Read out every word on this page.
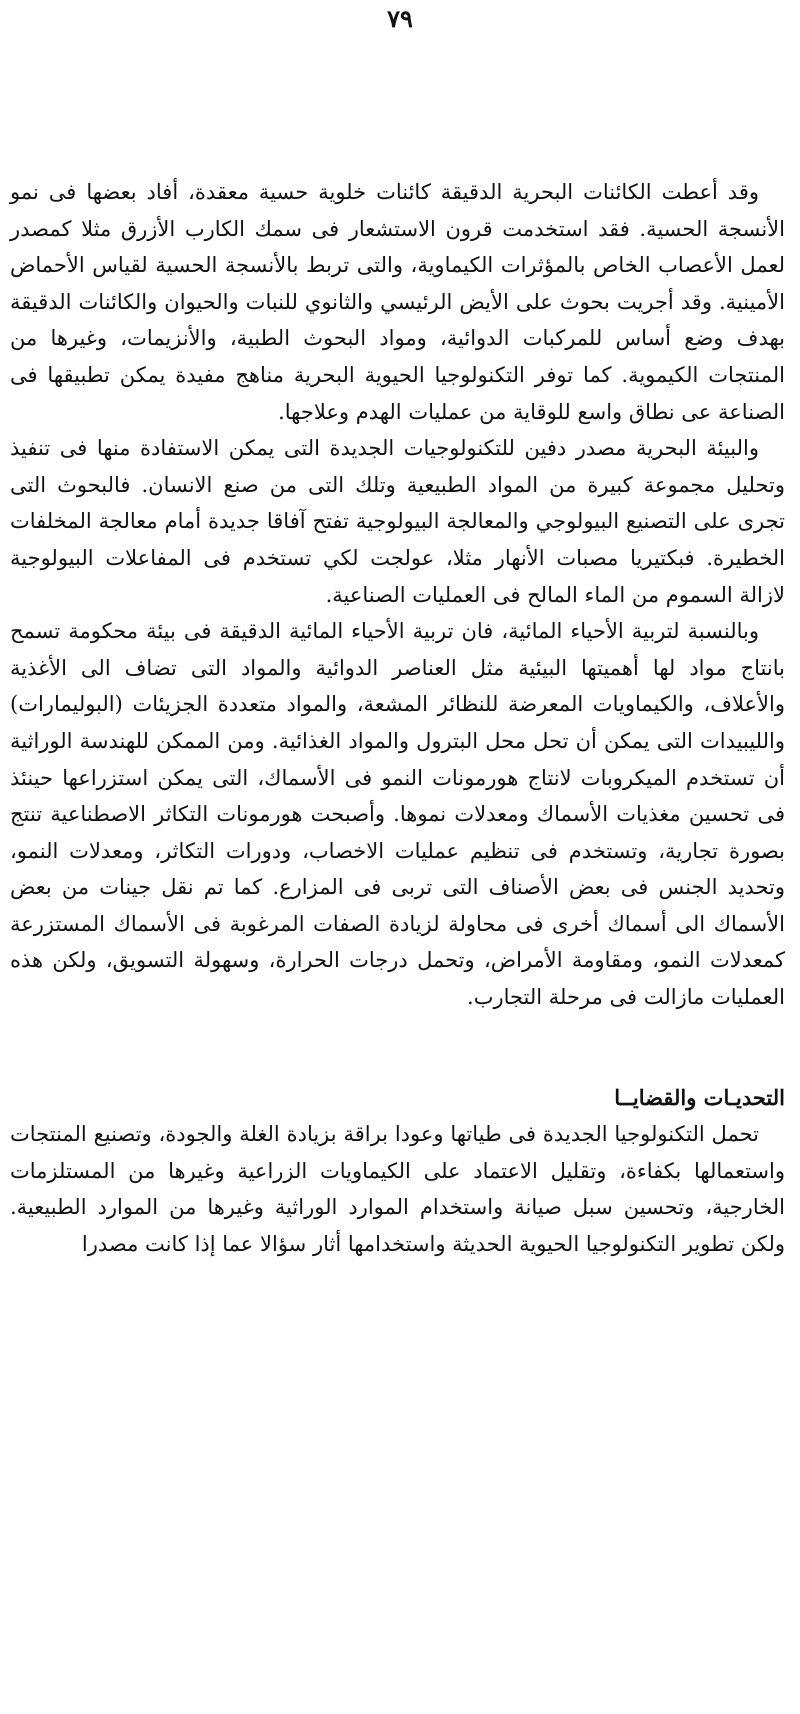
٧٩

وقد أعطت الكائنات البحرية الدقيقة كائنات خلوية حسية معقدة، أفاد بعضها فى نمو الأنسجة الحسية. فقد استخدمت قرون الاستشعار فى سمك الكارب الأزرق مثلا كمصدر لعمل الأعصاب الخاص بالمؤثرات الكيماوية، والتى تربط بالأنسجة الحسية لقياس الأحماض الأمينية. وقد أجريت بحوث على الأيض الرئيسي والثانوي للنبات والحيوان والكائنات الدقيقة بهدف وضع أساس للمركبات الدوائية، ومواد البحوث الطبية، والأنزيمات، وغيرها من المنتجات الكيموية. كما توفر التكنولوجيا الحيوية البحرية مناهج مفيدة يمكن تطبيقها فى الصناعة عى نطاق واسع للوقاية من عمليات الهدم وعلاجها.

والبيئة البحرية مصدر دفين للتكنولوجيات الجديدة التى يمكن الاستفادة منها فى تنفيذ وتحليل مجموعة كبيرة من المواد الطبيعية وتلك التى من صنع الانسان. فالبحوث التى تجرى على التصنيع البيولوجي والمعالجة البيولوجية تفتح آفاقا جديدة أمام معالجة المخلفات الخطيرة. فبكتيريا مصبات الأنهار مثلا، عولجت لكي تستخدم فى المفاعلات البيولوجية لازالة السموم من الماء المالح فى العمليات الصناعية.

وبالنسبة لتربية الأحياء المائية، فان تربية الأحياء المائية الدقيقة فى بيئة محكومة تسمح بانتاج مواد لها أهميتها البيئية مثل العناصر الدوائية والمواد التى تضاف الى الأغذية والأعلاف، والكيماويات المعرضة للنظائر المشعة، والمواد متعددة الجزيئات (البوليمارات) والليبيدات التى يمكن أن تحل محل البترول والمواد الغذائية. ومن الممكن للهندسة الوراثية أن تستخدم الميكروبات لانتاج هورمونات النمو فى الأسماك، التى يمكن استزراعها حينئذ فى تحسين مغذيات الأسماك ومعدلات نموها. وأصبحت هورمونات التكاثر الاصطناعية تنتج بصورة تجارية، وتستخدم فى تنظيم عمليات الاخصاب، ودورات التكاثر، ومعدلات النمو، وتحديد الجنس فى بعض الأصناف التى تربى فى المزارع. كما تم نقل جينات من بعض الأسماك الى أسماك أخرى فى محاولة لزيادة الصفات المرغوبة فى الأسماك المستزرعة كمعدلات النمو، ومقاومة الأمراض، وتحمل درجات الحرارة، وسهولة التسويق، ولكن هذه العمليات مازالت فى مرحلة التجارب.

التحديـات والقضايــا

تحمل التكنولوجيا الجديدة فى طياتها وعودا براقة بزيادة الغلة والجودة، وتصنيع المنتجات واستعمالها بكفاءة، وتقليل الاعتماد على الكيماويات الزراعية وغيرها من المستلزمات الخارجية، وتحسين سبل صيانة واستخدام الموارد الوراثية وغيرها من الموارد الطبيعية. ولكن تطوير التكنولوجيا الحيوية الحديثة واستخدامها أثار سؤالا عما إذا كانت مصدرا
